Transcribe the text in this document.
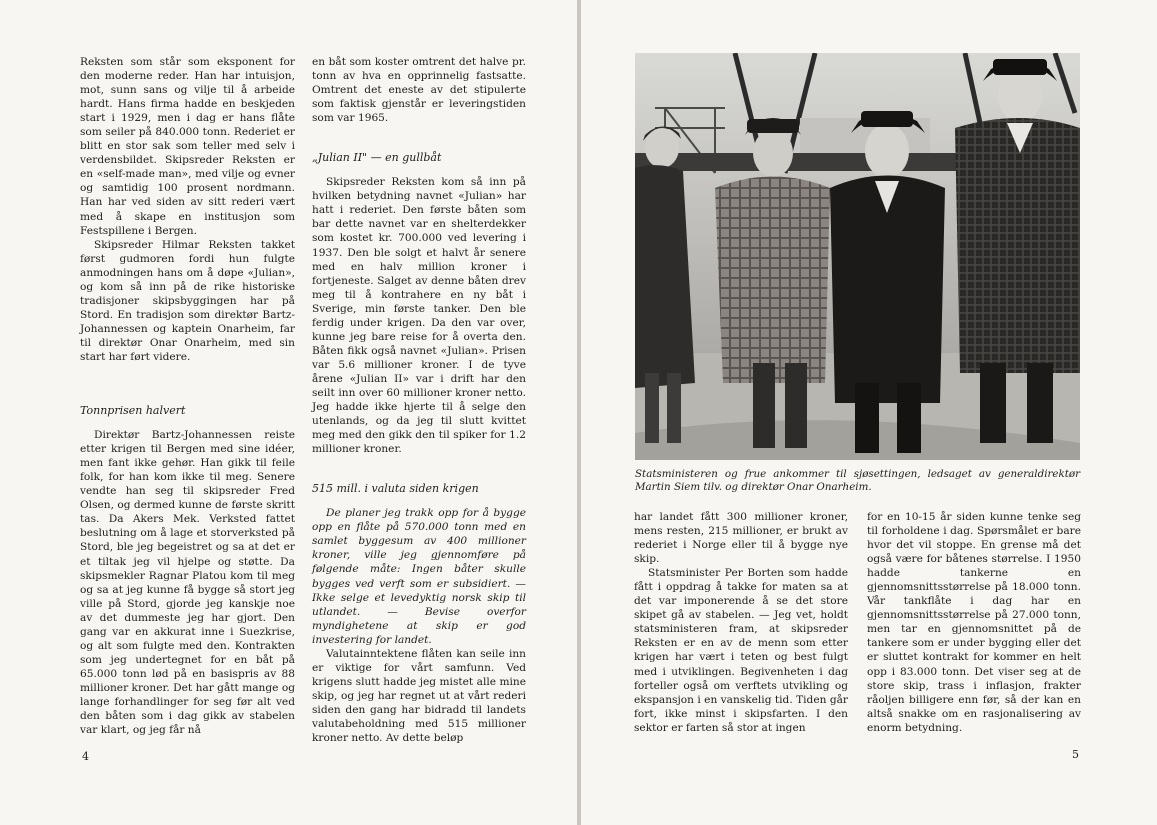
Reksten som står som eksponent for den moderne reder. Han har intuisjon, mot, sunn sans og vilje til å arbeide hardt. Hans firma hadde en beskjeden start i 1929, men i dag er hans flåte som seiler på 840.000 tonn. Rederiet er blitt en stor sak som teller med selv i verdensbildet. Skipsreder Reksten er en «self-made man», med vilje og evner og samtidig 100 prosent nordmann. Han har ved siden av sitt rederi vært med å skape en institusjon som Festspillene i Bergen.

Skipsreder Hilmar Reksten takket først gudmoren fordi hun fulgte anmodningen hans om å døpe «Julian», og kom så inn på de rike historiske tradisjoner skipsbyggingen har på Stord. En tradisjon som direktør Bartz-Johannessen og kaptein Onarheim, far til direktør Onar Onarheim, med sin start har ført videre.

Tonnprisen halvert

Direktør Bartz-Johannessen reiste etter krigen til Bergen med sine idéer, men fant ikke gehør. Han gikk til feile folk, for han kom ikke til meg. Senere vendte han seg til skipsreder Fred Olsen, og dermed kunne de første skritt tas. Da Akers Mek. Verksted fattet beslutning om å lage et storverksted på Stord, ble jeg begeistret og sa at det er et tiltak jeg vil hjelpe og støtte. Da skipsmekler Ragnar Platou kom til meg og sa at jeg kunne få bygge så stort jeg ville på Stord, gjorde jeg kanskje noe av det dummeste jeg har gjort. Den gang var en akkurat inne i Suezkrise, og alt som fulgte med den. Kontrakten som jeg undertegnet for en båt på 65.000 tonn lød på en basispris av 88 millioner kroner. Det har gått mange og lange forhandlinger for seg før alt ved den båten som i dag gikk av stabelen var klart, og jeg får nå

en båt som koster omtrent det halve pr. tonn av hva en opprinnelig fastsatte. Omtrent det eneste av det stipulerte som faktisk gjenstår er leveringstiden som var 1965.

„Julian II" — en gullbåt

Skipsreder Reksten kom så inn på hvilken betydning navnet «Julian» har hatt i rederiet. Den første båten som bar dette navnet var en shelterdekker som kostet kr. 700.000 ved levering i 1937. Den ble solgt et halvt år senere med en halv million kroner i fortjeneste. Salget av denne båten drev meg til å kontrahere en ny båt i Sverige, min første tanker. Den ble ferdig under krigen. Da den var over, kunne jeg bare reise for å overta den. Båten fikk også navnet «Julian». Prisen var 5.6 millioner kroner. I de tyve årene «Julian II» var i drift har den seilt inn over 60 millioner kroner netto. Jeg hadde ikke hjerte til å selge den utenlands, og da jeg til slutt kvittet meg med den gikk den til spiker for 1.2 millioner kroner.

515 mill. i valuta siden krigen

De planer jeg trakk opp for å bygge opp en flåte på 570.000 tonn med en samlet byggesum av 400 millioner kroner, ville jeg gjennomføre på følgende måte: Ingen båter skulle bygges ved verft som er subsidiert. — Ikke selge et levedyktig norsk skip til utlandet. — Bevise overfor myndighetene at skip er god investering for landet.

Valutainntektene flåten kan seile inn er viktige for vårt samfunn. Ved krigens slutt hadde jeg mistet alle mine skip, og jeg har regnet ut at vårt rederi siden den gang har bidradd til landets valutabeholdning med 515 millioner kroner netto. Av dette beløp

4
Statsministeren og frue ankommer til sjøsettingen, ledsaget av generaldirektør Martin Siem tilv. og direktør Onar Onarheim.

har landet fått 300 millioner kroner, mens resten, 215 millioner, er brukt av rederiet i Norge eller til å bygge nye skip.

Statsminister Per Borten som hadde fått i oppdrag å takke for maten sa at det var imponerende å se det store skipet gå av stabelen. — Jeg vet, holdt statsministeren fram, at skipsreder Reksten er en av de menn som etter krigen har vært i teten og best fulgt med i utviklingen. Begivenheten i dag forteller også om verftets utvikling og ekspansjon i en vanskelig tid. Tiden går fort, ikke minst i skipsfarten. I den sektor er farten så stor at ingen

for en 10-15 år siden kunne tenke seg til forholdene i dag. Spørsmålet er bare hvor det vil stoppe. En grense må det også være for båtenes størrelse. I 1950 hadde tankerne en gjennomsnittsstørrelse på 18.000 tonn. Vår tankflåte i dag har en gjennomsnittsstørrelse på 27.000 tonn, men tar en gjennomsnittet på de tankere som er under bygging eller det er sluttet kontrakt for kommer en helt opp i 83.000 tonn. Det viser seg at de store skip, trass i inflasjon, frakter råoljen billigere enn før, så der kan en altså snakke om en rasjonalisering av enorm betydning.

5
